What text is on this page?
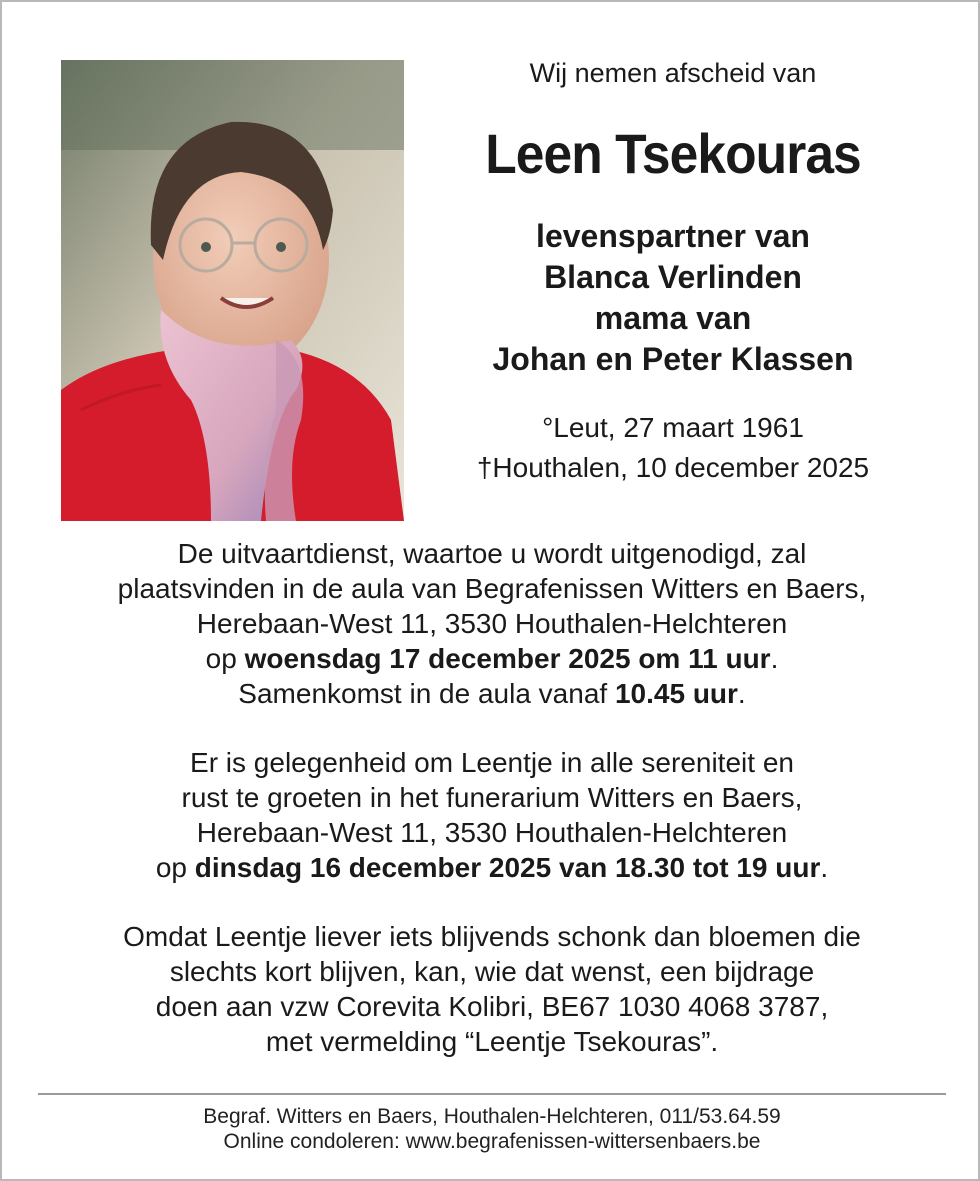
Wij nemen afscheid van

Leen Tsekouras

levenspartner van
Blanca Verlinden
mama van
Johan en Peter Klassen
°Leut, 27 maart 1961
†Houthalen, 10 december 2025
De uitvaartdienst, waartoe u wordt uitgenodigd, zal
plaatsvinden in de aula van Begrafenissen Witters en Baers,
Herebaan-West 11, 3530 Houthalen-Helchteren
op woensdag 17 december 2025 om 11 uur.
Samenkomst in de aula vanaf 10.45 uur.
Er is gelegenheid om Leentje in alle sereniteit en
rust te groeten in het funerarium Witters en Baers,
Herebaan-West 11, 3530 Houthalen-Helchteren
op dinsdag 16 december 2025 van 18.30 tot 19 uur.
Omdat Leentje liever iets blijvends schonk dan bloemen die
slechts kort blijven, kan, wie dat wenst, een bijdrage
doen aan vzw Corevita Kolibri, BE67 1030 4068 3787,
met vermelding “Leentje Tsekouras”.
Begraf. Witters en Baers, Houthalen-Helchteren, 011/53.64.59
Online condoleren: www.begrafenissen-wittersenbaers.be
